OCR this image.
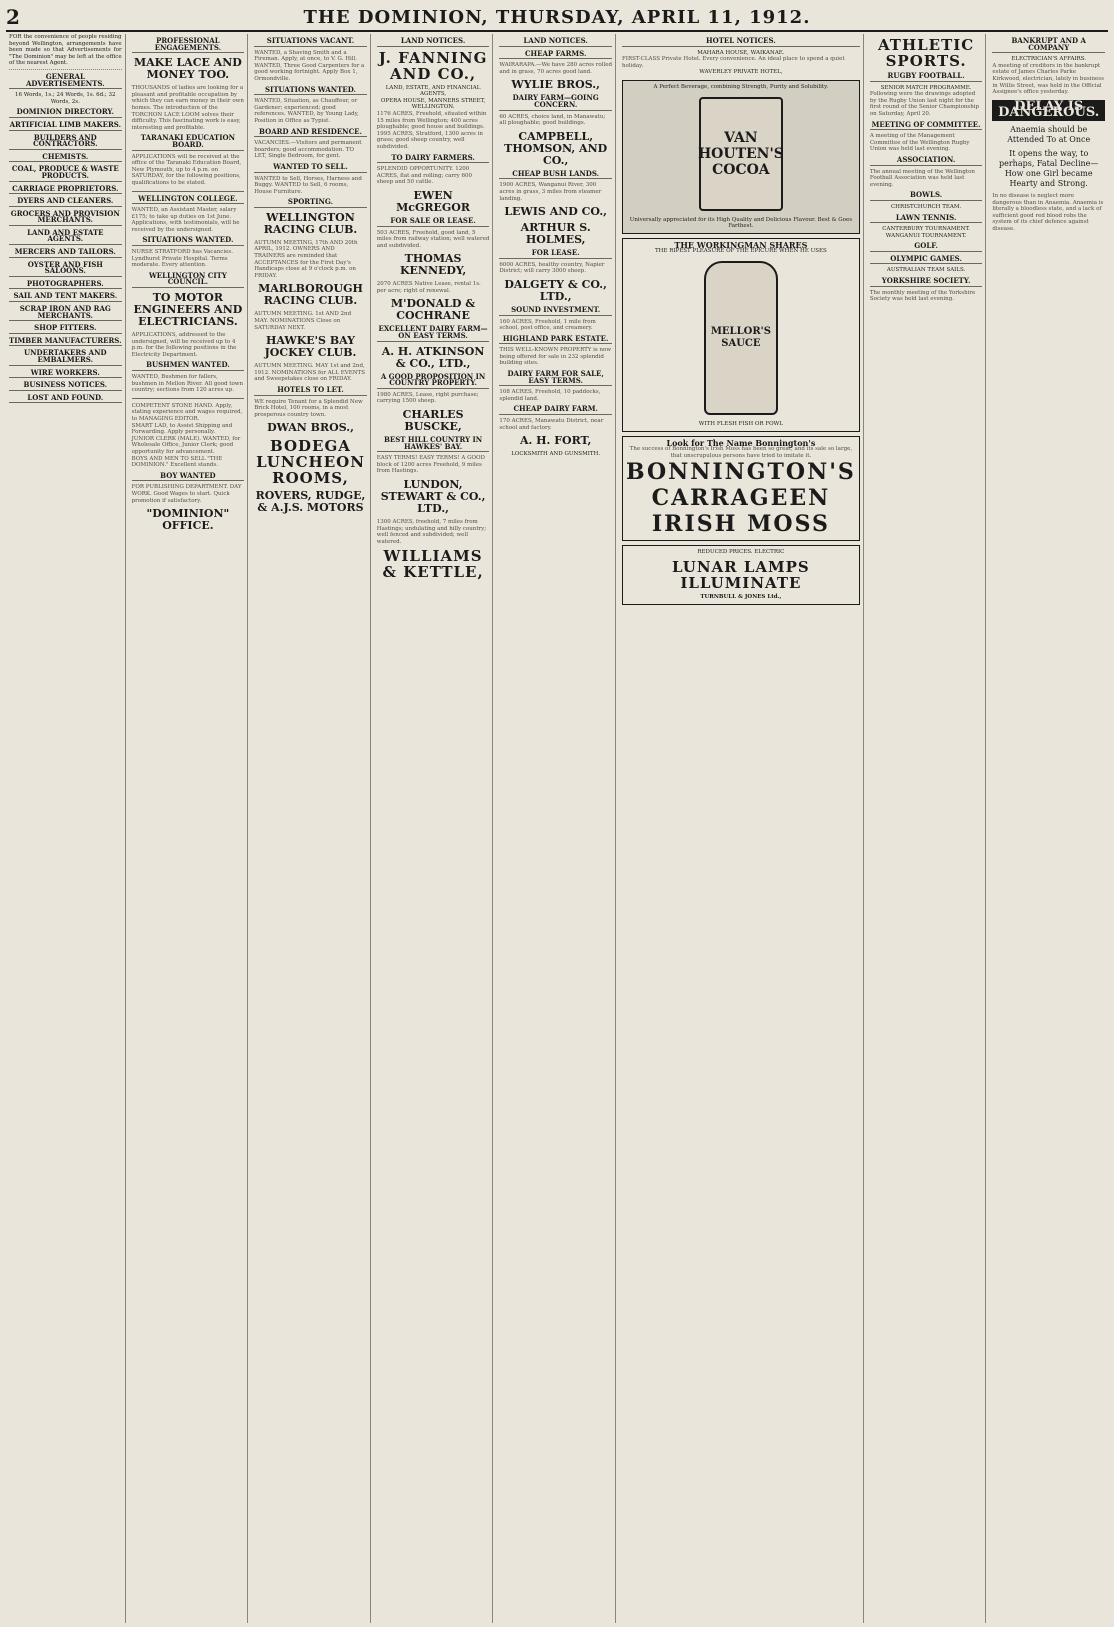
2	THE DOMINION, THURSDAY, APRIL 11, 1912.
FOR the convenience of people residing beyond Wellington, arrangements have been made so that Advertisements for "The Dominion" may be left at the office of the nearest Agent.
GENERAL ADVERTISEMENTS.
16 Words, 1s.; 24 Words, 1s. 6d.; 32 Words, 2s.
DOMINION DIRECTORY.
ARTIFICIAL LIMB MAKERS.
BUILDERS AND CONTRACTORS.
CHEMISTS.
COAL, PRODUCE & WASTE PRODUCTS.
CARRIAGE PROPRIETORS.
DYERS AND CLEANERS.
GROCERS AND PROVISION MERCHANTS.
LAND AND ESTATE AGENTS.
MERCERS AND TAILORS.
OYSTER AND FISH SALOONS.
PHOTOGRAPHERS.
SAIL AND TENT MAKERS.
SCRAP IRON AND RAG MERCHANTS.
SHOP FITTERS.
TIMBER MANUFACTURERS.
UNDERTAKERS AND EMBALMERS.
WIRE WORKERS.
BUSINESS NOTICES.
LOST AND FOUND.
PROFESSIONAL ENGAGEMENTS.
MAKE LACE AND MONEY TOO.
THOUSANDS of ladies are looking for a pleasant and profitable occupation by which they can earn money in their own homes. The introduction of the TORCHON LACE LOOM solves their difficulty. This fascinating work is easy, interesting and profitable.
TARANAKI EDUCATION BOARD.
APPLICATIONS will be received at the office of the Taranaki Education Board, New Plymouth, up to 4 p.m. on SATURDAY, for the following positions, qualifications to be stated.
WELLINGTON COLLEGE.
WANTED, an Assistant Master, salary £175; to take up duties on 1st June. Applications, with testimonials, will be received by the undersigned.
SITUATIONS WANTED.
NURSE STRATFORD has Vacancies. Lyndhurst Private Hospital. Terms moderate. Every attention.
WELLINGTON CITY COUNCIL.
TO MOTOR ENGINEERS AND ELECTRICIANS.
APPLICATIONS, addressed to the undersigned, will be received up to 4 p.m. for the following positions in the Electricity Department.
BUSHMEN WANTED.
WANTED, Bushmen for fallers, bushmen in Mellon River. All good town country; sections from 120 acres up.
COMPETENT STONE HAND. Apply, stating experience and wages required, to MANAGING EDITOR.
SMART LAD, to Assist Shipping and Forwarding. Apply personally.
JUNIOR CLERK (MALE). WANTED, for Wholesale Office, Junior Clerk; good opportunity for advancement.
BOYS AND MEN TO SELL "THE DOMINION." Excellent stands.
BOY WANTED
FOR PUBLISHING DEPARTMENT. DAY WORK. Good Wages to start. Quick promotion if satisfactory.
"DOMINION" OFFICE.
SITUATIONS VACANT.
WANTED, a Shaving Smith and a Fireman. Apply, at once, to V. G. Hill. WANTED, Three Good Carpenters for a good working fortnight. Apply Box 1, Ormondville.
SITUATIONS WANTED.
WANTED, Situation, as Chauffeur, or Gardener; experienced; good references. WANTED, by Young Lady, Position in Office as Typist.
BOARD AND RESIDENCE.
VACANCIES.—Visitors and permanent boarders; good accommodation. TO LET, Single Bedroom, for gent.
WANTED TO SELL.
WANTED to Sell, Horses, Harness and Buggy. WANTED to Sell, 6 rooms, House Furniture.
SPORTING.
WELLINGTON RACING CLUB.
AUTUMN MEETING, 17th AND 20th APRIL, 1912. OWNERS AND TRAINERS are reminded that ACCEPTANCES for the First Day's Handicaps close at 9 o'clock p.m. on FRIDAY.
MARLBOROUGH RACING CLUB.
AUTUMN MEETING. 1st AND 2nd MAY. NOMINATIONS Close on SATURDAY NEXT.
HAWKE'S BAY JOCKEY CLUB.
AUTUMN MEETING. MAY 1st and 2nd, 1912. NOMINATIONS for ALL EVENTS and Sweepstakes close on FRIDAY.
HOTELS TO LET.
WE require Tenant for a Splendid New Brick Hotel, 100 rooms, in a most prosperous country town.
DWAN BROS.,
BODEGA LUNCHEON ROOMS,
ROVERS, RUDGE, & A.J.S. MOTORS
LAND NOTICES.
J. FANNING AND CO.,
LAND, ESTATE, AND FINANCIAL AGENTS,
OPERA HOUSE, MANNERS STREET, WELLINGTON.
1176 ACRES, Freehold, situated within 15 miles from Wellington; 400 acres ploughable; good house and buildings.
1995 ACRES, Stratford, 1300 acres in grass; good sheep country, well subdivided.
TO DAIRY FARMERS.
SPLENDID OPPORTUNITY. 1200 ACRES, flat and rolling; carry 600 sheep and 50 cattle.
EWEN McGREGOR
FOR SALE OR LEASE.
503 ACRES, Freehold, good land, 5 miles from railway station; well watered and subdivided.
THOMAS KENNEDY,
2070 ACRES Native Lease, rental 1s. per acre; right of renewal.
M'DONALD & COCHRANE
EXCELLENT DAIRY FARM—ON EASY TERMS.
A. H. ATKINSON & CO., LTD.,
A GOOD PROPOSITION IN COUNTRY PROPERTY.
1980 ACRES, Lease, right purchase; carrying 1500 sheep.
CHARLES BUSCKE,
BEST HILL COUNTRY IN HAWKES' BAY.
EASY TERMS! EASY TERMS! A GOOD block of 1200 acres Freehold, 9 miles from Hastings.
LUNDON, STEWART & CO., LTD.,
1300 ACRES, freehold, 7 miles from Hastings; undulating and hilly country; well fenced and subdivided; well watered.
WILLIAMS & KETTLE,
LAND NOTICES.
CHEAP FARMS.
WAIRARAPA.—We have 280 acres rolled and in grass, 70 acres good land.
WYLIE BROS.,
DAIRY FARM—GOING CONCERN.
60 ACRES, choice land, in Manawatu; all ploughable; good buildings.
CAMPBELL, THOMSON, AND CO.,
CHEAP BUSH LANDS.
1900 ACRES, Wanganui River, 300 acres in grass, 3 miles from steamer landing.
LEWIS AND CO.,
ARTHUR S. HOLMES,
FOR LEASE.
6000 ACRES, healthy country, Napier District; will carry 3000 sheep.
DALGETY & CO., LTD.,
SOUND INVESTMENT.
160 ACRES, Freehold, 1 mile from school, post office, and creamery.
HIGHLAND PARK ESTATE.
THIS WELL-KNOWN PROPERTY is now being offered for sale in 232 splendid building sites.
DAIRY FARM FOR SALE, EASY TERMS.
108 ACRES, Freehold, 10 paddocks, splendid land.
CHEAP DAIRY FARM.
170 ACRES, Manawatu District, near school and factory.
A. H. FORT,
LOCKSMITH AND GUNSMITH.
HOTEL NOTICES.
MAHARA HOUSE, WAIKANAE.
FIRST-CLASS Private Hotel. Every convenience. An ideal place to spend a quiet holiday.
WAVERLEY PRIVATE HOTEL,
A Perfect Beverage, combining Strength, Purity and Solubility.
VAN HOUTEN'S COCOA
Universally appreciated for its High Quality and Delicious Flavour. Best & Goes Farthest.
THE WORKINGMAN SHARES
THE RIPEST PLEASURE OF THE EPICURE WHEN HE USES
MELLOR'S SAUCE
WITH FLESH FISH OR FOWL
Look for The Name Bonnington's
The success of Bonnington's Irish Moss has been so great, and its sale so large, that unscrupulous persons have tried to imitate it.
BONNINGTON'S CARRAGEEN IRISH MOSS
REDUCED PRICES. ELECTRIC
LUNAR LAMPS ILLUMINATE
TURNBULL & JONES Ltd.,
ATHLETIC SPORTS.
RUGBY FOOTBALL.
SENIOR MATCH PROGRAMME.
Following were the drawings adopted by the Rugby Union last night for the first round of the Senior Championship on Saturday, April 20.
MEETING OF COMMITTEE.
A meeting of the Management Committee of the Wellington Rugby Union was held last evening.
ASSOCIATION.
The annual meeting of the Wellington Football Association was held last evening.
BOWLS.
CHRISTCHURCH TEAM.
LAWN TENNIS.
CANTERBURY TOURNAMENT.
WANGANUI TOURNAMENT.
GOLF.
OLYMPIC GAMES.
AUSTRALIAN TEAM SAILS.
YORKSHIRE SOCIETY.
The monthly meeting of the Yorkshire Society was held last evening.
BANKRUPT AND A COMPANY
ELECTRICIAN'S AFFAIRS.
A meeting of creditors in the bankrupt estate of James Charles Parke Kirkwood, electrician, lately in business in Willis Street, was held in the Official Assignee's office yesterday.
DELAY IS DANGEROUS.
Anaemia should be Attended To at Once
It opens the way, to perhaps, Fatal Decline—How one Girl became Hearty and Strong.
In no disease is neglect more dangerous than in Anaemia. Anaemia is literally a bloodless state, and a lack of sufficient good red blood robs the system of its chief defence against disease.
